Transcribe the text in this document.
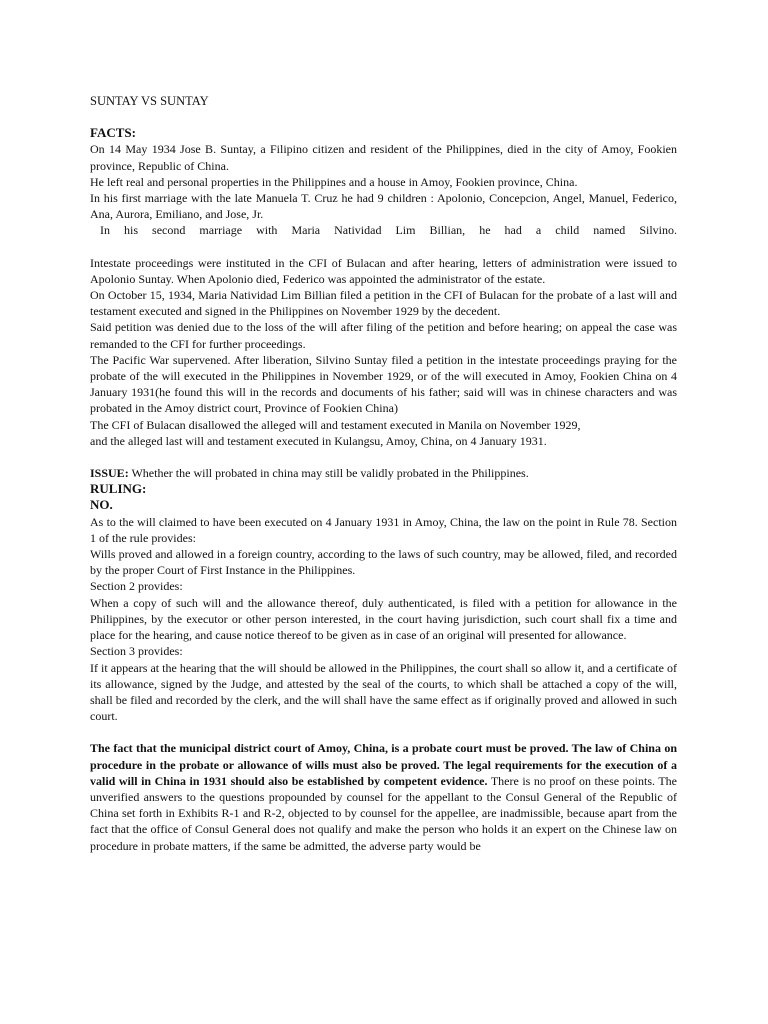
SUNTAY VS SUNTAY
FACTS:

On 14 May 1934 Jose B. Suntay, a Filipino citizen and resident of the Philippines, died in the city of Amoy, Fookien province, Republic of China.

He left real and personal properties in the Philippines and a house in Amoy, Fookien province, China.

In his first marriage with the late Manuela T. Cruz he had 9 children : Apolonio, Concepcion, Angel, Manuel, Federico, Ana, Aurora, Emiliano, and Jose, Jr.

In his second marriage with Maria Natividad Lim Billian, he had a child named Silvino.

Intestate proceedings were instituted in the CFI of Bulacan and after hearing, letters of administration were issued to Apolonio Suntay. When Apolonio died, Federico was appointed the administrator of the estate.

On October 15, 1934, Maria Natividad Lim Billian filed a petition in the CFI of Bulacan for the probate of a last will and testament executed and signed in the Philippines on November 1929 by the decedent.

Said petition was denied due to the loss of the will after filing of the petition and before hearing; on appeal the case was remanded to the CFI for further proceedings.

The Pacific War supervened. After liberation, Silvino Suntay filed a petition in the intestate proceedings praying for the probate of the will executed in the Philippines in November 1929, or of the will executed in Amoy, Fookien China on 4 January 1931(he found this will in the records and documents of his father; said will was in chinese characters and was probated in the Amoy district court, Province of Fookien China)

The CFI of Bulacan disallowed the alleged will and testament executed in Manila on November 1929,

and the alleged last will and testament executed in Kulangsu, Amoy, China, on 4 January 1931.

ISSUE: Whether the will probated in china may still be validly probated in the Philippines.

RULING:
NO.

As to the will claimed to have been executed on 4 January 1931 in Amoy, China, the law on the point in Rule 78. Section 1 of the rule provides:

Wills proved and allowed in a foreign country, according to the laws of such country, may be allowed, filed, and recorded by the proper Court of First Instance in the Philippines.

Section 2 provides:

When a copy of such will and the allowance thereof, duly authenticated, is filed with a petition for allowance in the Philippines, by the executor or other person interested, in the court having jurisdiction, such court shall fix a time and place for the hearing, and cause notice thereof to be given as in case of an original will presented for allowance.

Section 3 provides:

If it appears at the hearing that the will should be allowed in the Philippines, the court shall so allow it, and a certificate of its allowance, signed by the Judge, and attested by the seal of the courts, to which shall be attached a copy of the will, shall be filed and recorded by the clerk, and the will shall have the same effect as if originally proved and allowed in such court.

The fact that the municipal district court of Amoy, China, is a probate court must be proved. The law of China on procedure in the probate or allowance of wills must also be proved. The legal requirements for the execution of a valid will in China in 1931 should also be established by competent evidence. There is no proof on these points. The unverified answers to the questions propounded by counsel for the appellant to the Consul General of the Republic of China set forth in Exhibits R-1 and R-2, objected to by counsel for the appellee, are inadmissible, because apart from the fact that the office of Consul General does not qualify and make the person who holds it an expert on the Chinese law on procedure in probate matters, if the same be admitted, the adverse party would be
